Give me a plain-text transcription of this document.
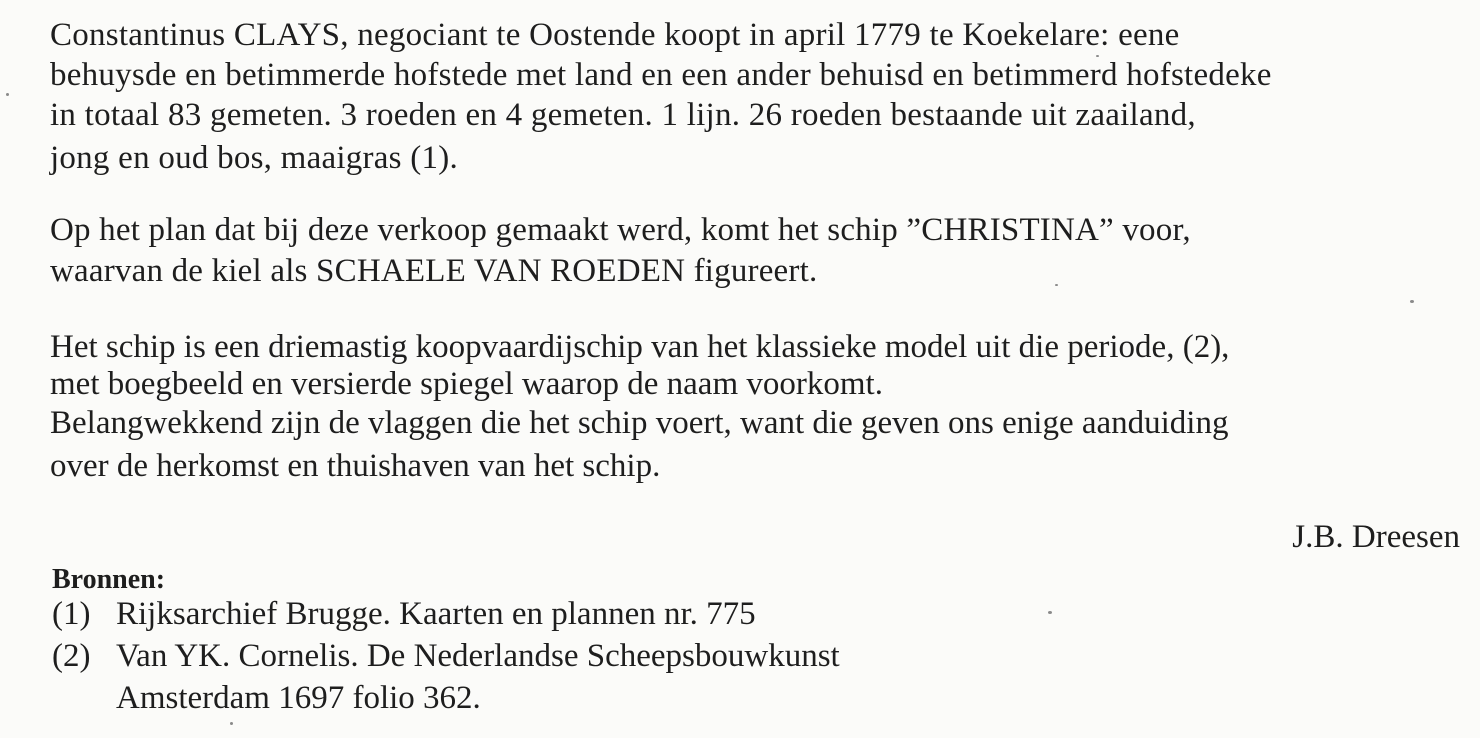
Constantinus CLAYS, negociant te Oostende koopt in april 1779 te Koekelare: eene

behuysde en betimmerde hofstede met land en een ander behuisd en betimmerd hofstedeke

in totaal 83 gemeten. 3 roeden en 4 gemeten. 1 lijn. 26 roeden bestaande uit zaailand,

jong en oud bos, maaigras (1).

Op het plan dat bij deze verkoop gemaakt werd, komt het schip ”CHRISTINA” voor,

waarvan de kiel als SCHAELE VAN ROEDEN figureert.

Het schip is een driemastig koopvaardijschip van het klassieke model uit die periode, (2),

met boegbeeld en versierde spiegel waarop de naam voorkomt.

Belangwekkend zijn de vlaggen die het schip voert, want die geven ons enige aanduiding

over de herkomst en thuishaven van het schip.

J.B. Dreesen
Bronnen:
(1) Rijksarchief Brugge. Kaarten en plannen nr. 775
(2) Van YK. Cornelis. De Nederlandse Scheepsbouwkunst
Amsterdam 1697 folio 362.
